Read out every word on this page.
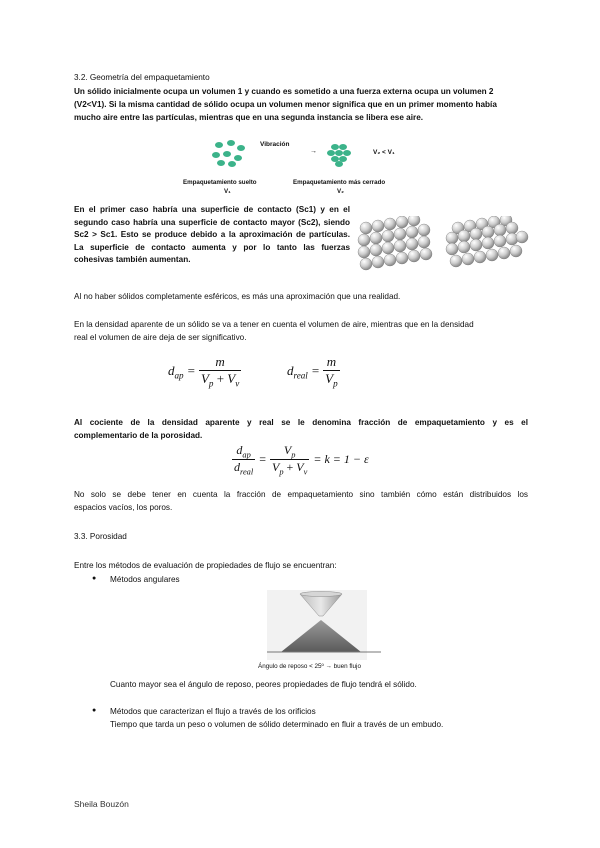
3.2. Geometría del empaquetamiento

Un sólido inicialmente ocupa un volumen 1 y cuando es sometido a una fuerza externa ocupa un volumen 2

(V2<V1). Si la misma cantidad de sólido ocupa un volumen menor significa que en un primer momento había

mucho aire entre las partículas, mientras que en una segunda instancia se libera ese aire.

Vibración
→	V₂ < V₁
Empaquetamiento suelto
V₁
Empaquetamiento más cerrado
V₂

En el primer caso habría una superficie de contacto (Sc1) y en el

segundo caso habría una superficie de contacto mayor (Sc2), siendo

Sc2 > Sc1. Esto se produce debido a la aproximación de partículas.

La superficie de contacto aumenta y por lo tanto las fuerzas

cohesivas también aumentan.

Al no haber sólidos completamente esféricos, es más una aproximación que una realidad.

En la densidad aparente de un sólido se va a tener en cuenta el volumen de aire, mientras que en la densidad

real el volumen de aire deja de ser significativo.

$d_{ap} = \frac{m}{V_p + V_v}$	$d_{real} = \frac{m}{V_p}$

Al cociente de la densidad aparente y real se le denomina fracción de empaquetamiento y es el

complementario de la porosidad.

$\frac{d_{ap}}{d_{real}} = \frac{V_p}{V_p + V_v} = k = 1 - \varepsilon$

No solo se debe tener en cuenta la fracción de empaquetamiento sino también cómo están distribuidos los

espacios vacíos, los poros.

3.3. Porosidad

Entre los métodos de evaluación de propiedades de flujo se encuentran:

● Métodos angulares

Ángulo de reposo < 25º → buen flujo

Cuanto mayor sea el ángulo de reposo, peores propiedades de flujo tendrá el sólido.

● Métodos que caracterizan el flujo a través de los orificios

Tiempo que tarda un peso o volumen de sólido determinado en fluir a través de un embudo.

Sheila Bouzón
